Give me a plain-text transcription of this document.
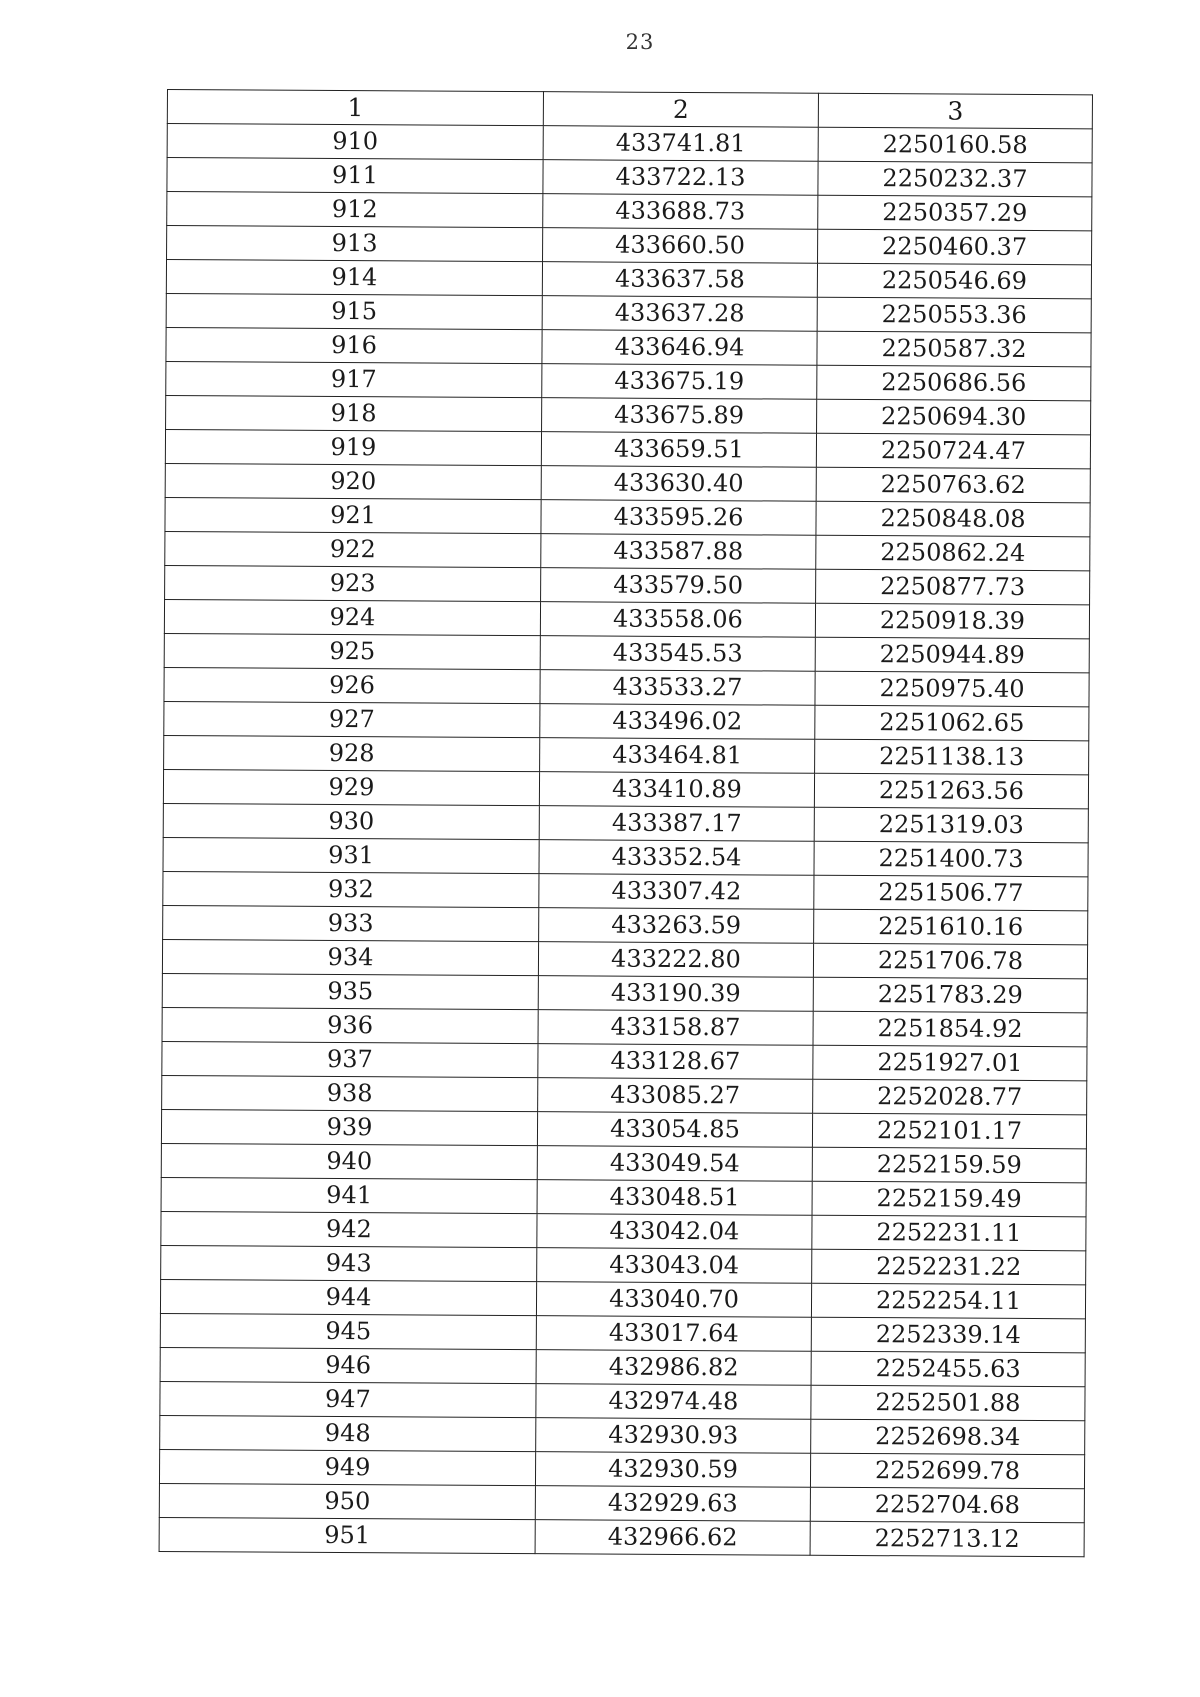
23
1	2	3
910	433741.81	2250160.58
911	433722.13	2250232.37
912	433688.73	2250357.29
913	433660.50	2250460.37
914	433637.58	2250546.69
915	433637.28	2250553.36
916	433646.94	2250587.32
917	433675.19	2250686.56
918	433675.89	2250694.30
919	433659.51	2250724.47
920	433630.40	2250763.62
921	433595.26	2250848.08
922	433587.88	2250862.24
923	433579.50	2250877.73
924	433558.06	2250918.39
925	433545.53	2250944.89
926	433533.27	2250975.40
927	433496.02	2251062.65
928	433464.81	2251138.13
929	433410.89	2251263.56
930	433387.17	2251319.03
931	433352.54	2251400.73
932	433307.42	2251506.77
933	433263.59	2251610.16
934	433222.80	2251706.78
935	433190.39	2251783.29
936	433158.87	2251854.92
937	433128.67	2251927.01
938	433085.27	2252028.77
939	433054.85	2252101.17
940	433049.54	2252159.59
941	433048.51	2252159.49
942	433042.04	2252231.11
943	433043.04	2252231.22
944	433040.70	2252254.11
945	433017.64	2252339.14
946	432986.82	2252455.63
947	432974.48	2252501.88
948	432930.93	2252698.34
949	432930.59	2252699.78
950	432929.63	2252704.68
951	432966.62	2252713.12
